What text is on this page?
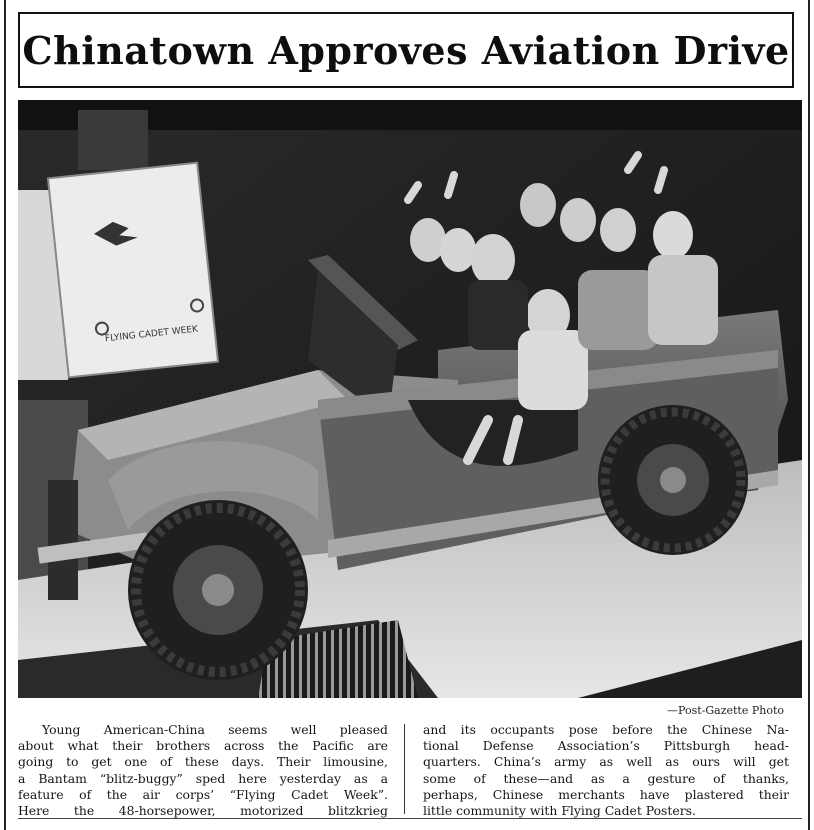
Chinatown Approves Aviation Drive
FLYING CADET WEEK
—Post-Gazette Photo

Young American-China seems well pleased

about what their brothers across the Pacific are

going to get one of these days. Their limousine,

a Bantam “blitz-buggy” sped here yesterday as a

feature of the air corps’ “Flying Cadet Week”.

Here the 48-horsepower, motorized blitzkrieg

and its occupants pose before the Chinese Na-

tional Defense Association’s Pittsburgh head-

quarters. China’s army as well as ours will get

some of these—and as a gesture of thanks,

perhaps, Chinese merchants have plastered their

little community with Flying Cadet Posters.
